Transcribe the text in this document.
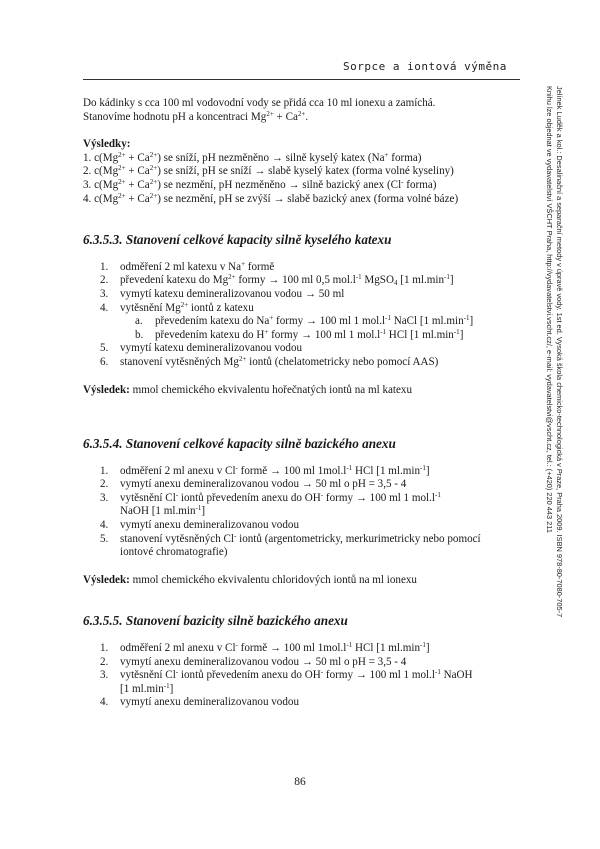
Sorpce a iontová výměna
Jelínek Luděk a kol.: Desalinační a separační metody v úpravě vody. 1st ed. Vysoká škola chemicko-technologická v Praze, Praha 2009. ISBN 978-80-7080-705-7
Knihu lze objednat ve vydavatelství VŠCHT Praha, http://vydavatelstvi.vscht.cz/, e-mail: vydavatelstvi@vscht.cz, tel.: (+420) 220 443 211

Do kádinky s cca 100 ml vodovodní vody se přidá cca 10 ml ionexu a zamíchá.
Stanovíme hodnotu pH a koncentraci $Mg^{2+} + Ca^{2+}$.

Výsledky:

1. $c(Mg^{2+} + Ca^{2+})$ se sníží, pH nezměněno → silně kyselý katex (Na+ forma)
2. $c(Mg^{2+} + Ca^{2+})$ se sníží, pH se sníží → slabě kyselý katex (forma volné kyseliny)
3. $c(Mg^{2+} + Ca^{2+})$ se nezmění, pH nezměněno → silně bazický anex (Cl- forma)
4. $c(Mg^{2+} + Ca^{2+})$ se nezmění, pH se zvýší → slabě bazický anex (forma volné báze)

6.3.5.3. Stanovení celkové kapacity silně kyselého katexu

1. odměření 2 ml katexu v Na+ formě
2. převedení katexu do $Mg^{2+}$ formy → 100 ml 0,5 $mol.l^{-1}$ MgSO$_4$ [1 $ml.\min^{-1}$]
3. vymytí katexu demineralizovanou vodou → 50 ml
4. vytěsnění $Mg^{2+}$ iontů z katexu
a. převedením katexu do Na+ formy → 100 ml 1 $mol.l^{-1}$ NaCl [1 $ml.\min^{-1}$]
b. převedením katexu do H+ formy → 100 ml 1 $mol.l^{-1}$ HCl [1 $ml.\min^{-1}$]
5. vymytí katexu demineralizovanou vodou
6. stanovení vytěsněných $Mg^{2+}$ iontů (chelatometricky nebo pomocí AAS)

Výsledek: mmol chemického ekvivalentu hořečnatých iontů na ml katexu

6.3.5.4. Stanovení celkové kapacity silně bazického anexu

1. odměření 2 ml anexu v Cl- formě → 100 ml $1mol.l^{-1}$ HCl [1 $ml.\min^{-1}$]
2. vymytí anexu demineralizovanou vodou → 50 ml o pH = 3,5 - 4
3. vytěsnění Cl- iontů převedením anexu do OH- formy → 100 ml 1 $mol.l^{-1}$
NaOH [1 $ml.\min^{-1}$]
4. vymytí anexu demineralizovanou vodou
5. stanovení vytěsněných Cl- iontů (argentometricky, merkurimetricky nebo pomocí
iontové chromatografie)

Výsledek: mmol chemického ekvivalentu chloridových iontů na ml ionexu

6.3.5.5. Stanovení bazicity silně bazického anexu

1. odměření 2 ml anexu v Cl- formě → 100 ml $1mol.l^{-1}$ HCl [1 $ml.\min^{-1}$]
2. vymytí anexu demineralizovanou vodou → 50 ml o pH = 3,5 - 4
3. vytěsnění Cl- iontů převedením anexu do OH- formy → 100 ml 1 $mol.l^{-1}$ NaOH
[1 $ml.\min^{-1}$]
4. vymytí anexu demineralizovanou vodou
86
